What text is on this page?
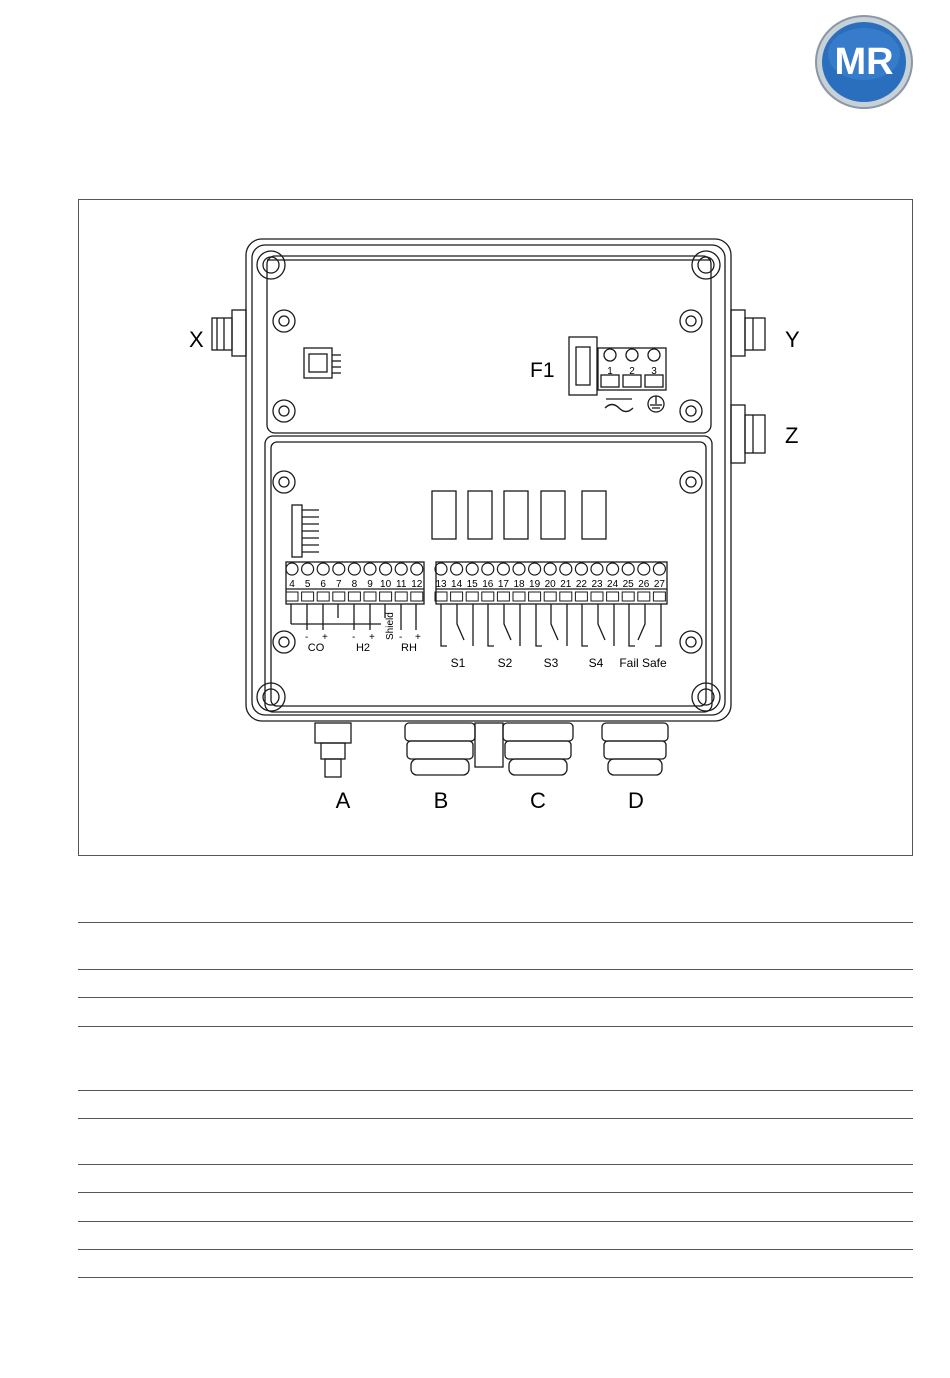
MR
X	Y
Z
F1	1 2 3
4 5 6 7 8 9 10 11 12 13 14 15 16 17 18 19 20 21 22 23 24 25 26 27
- + - + - +
CO	H2	RH
Shield
S1	S2	S3	S4 Fail Safe
A	B	C	D
